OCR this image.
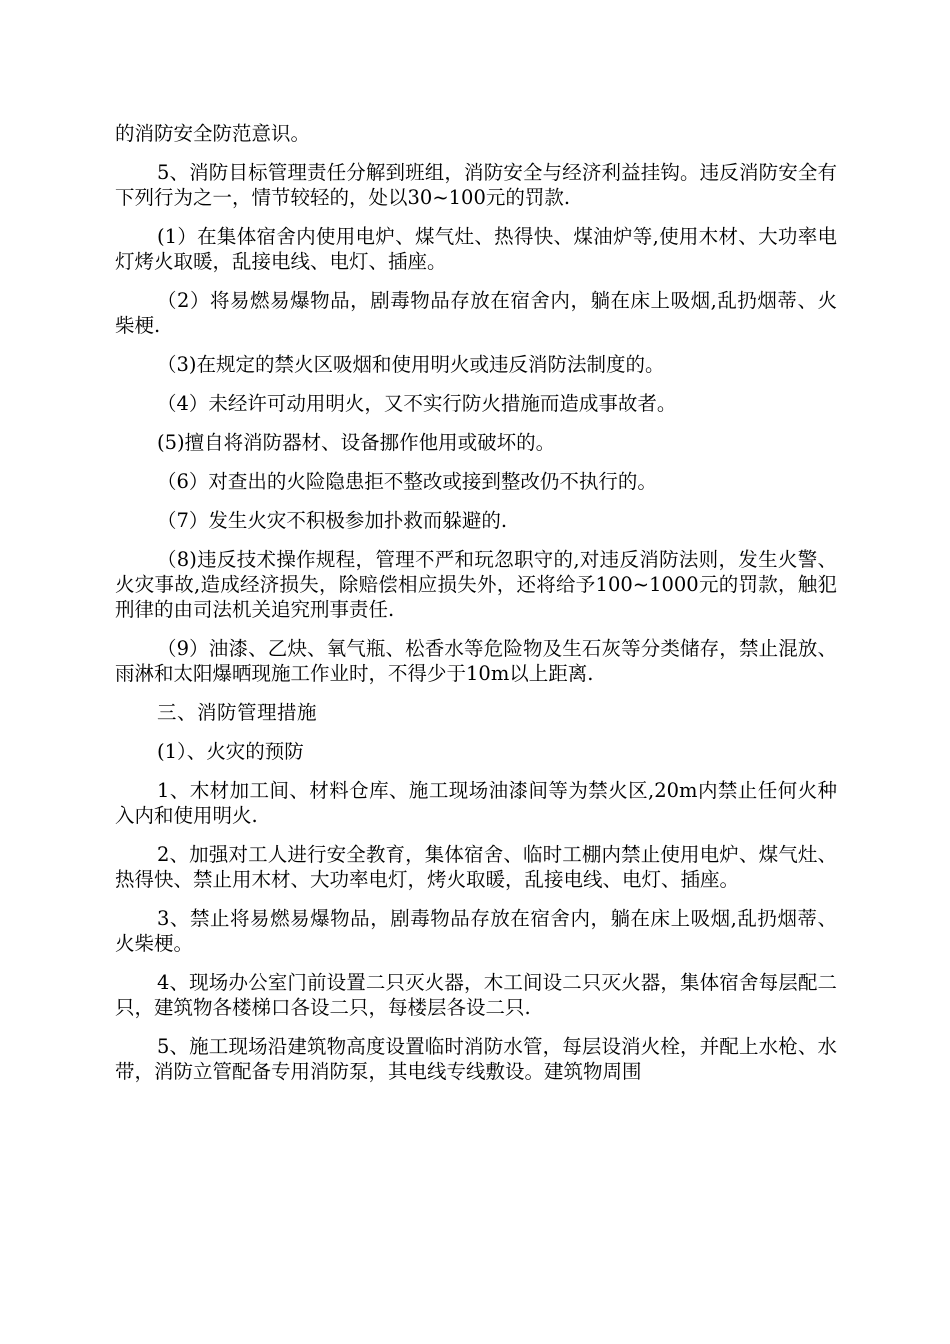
的消防安全防范意识。

5、消防目标管理责任分解到班组，消防安全与经济利益挂钩。违反消防安全有下列行为之一，情节较轻的，处以30~100元的罚款.

(1）在集体宿舍内使用电炉、煤气灶、热得快、煤油炉等,使用木材、大功率电灯烤火取暖，乱接电线、电灯、插座。

（2）将易燃易爆物品，剧毒物品存放在宿舍内，躺在床上吸烟,乱扔烟蒂、火柴梗.

（3)在规定的禁火区吸烟和使用明火或违反消防法制度的。

（4）未经许可动用明火，又不实行防火措施而造成事故者。

(5)擅自将消防器材、设备挪作他用或破坏的。

（6）对查出的火险隐患拒不整改或接到整改仍不执行的。

（7）发生火灾不积极参加扑救而躲避的.

（8)违反技术操作规程，管理不严和玩忽职守的,对违反消防法则，发生火警、火灾事故,造成经济损失，除赔偿相应损失外，还将给予100~1000元的罚款，触犯刑律的由司法机关追究刑事责任.

（9）油漆、乙炔、氧气瓶、松香水等危险物及生石灰等分类储存，禁止混放、雨淋和太阳爆晒现施工作业时，不得少于10m以上距离.

三、消防管理措施

(1）、火灾的预防

1、木材加工间、材料仓库、施工现场油漆间等为禁火区,20m内禁止任何火种入内和使用明火.

2、加强对工人进行安全教育，集体宿舍、临时工棚内禁止使用电炉、煤气灶、热得快、禁止用木材、大功率电灯，烤火取暖，乱接电线、电灯、插座。

3、禁止将易燃易爆物品，剧毒物品存放在宿舍内，躺在床上吸烟,乱扔烟蒂、火柴梗。

4、现场办公室门前设置二只灭火器，木工间设二只灭火器，集体宿舍每层配二只，建筑物各楼梯口各设二只，每楼层各设二只.

5、施工现场沿建筑物高度设置临时消防水管，每层设消火栓，并配上水枪、水带，消防立管配备专用消防泵，其电线专线敷设。建筑物周围
